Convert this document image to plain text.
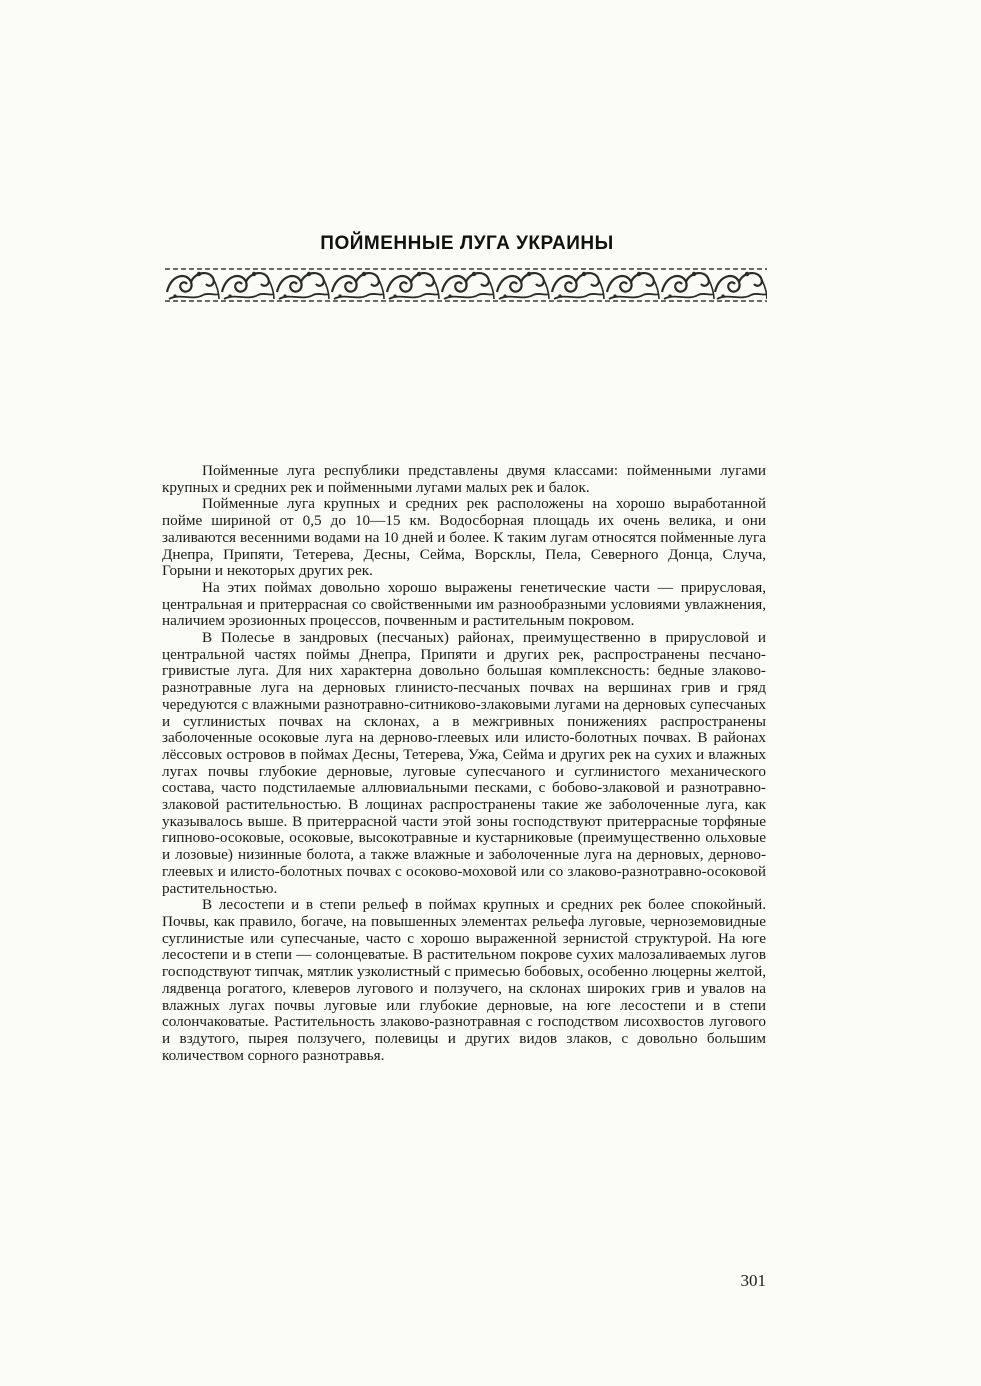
ПОЙМЕННЫЕ ЛУГА УКРАИНЫ

Пойменные луга республики представлены двумя классами: пойменными лугами крупных и средних рек и пойменными лугами малых рек и балок.

Пойменные луга крупных и средних рек расположены на хорошо выработанной пойме шириной от 0,5 до 10—15 км. Водосборная площадь их очень велика, и они заливаются весенними водами на 10 дней и более. К таким лугам относятся пойменные луга Днепра, Припяти, Тетерева, Десны, Сейма, Ворсклы, Пела, Северного Донца, Случа, Горыни и некоторых других рек.

На этих поймах довольно хорошо выражены генетические части — прирусловая, центральная и притеррасная со свойственными им разнообразными условиями увлажнения, наличием эрозионных процессов, почвенным и растительным покровом.

В Полесье в зандровых (песчаных) районах, преимущественно в прирусловой и центральной частях поймы Днепра, Припяти и других рек, распространены песчано-гривистые луга. Для них характерна довольно большая комплексность: бедные злаково-разнотравные луга на дерновых глинисто-песчаных почвах на вершинах грив и гряд чередуются с влажными разнотравно-ситниково-злаковыми лугами на дерновых супесчаных и суглинистых почвах на склонах, а в межгривных понижениях распространены заболоченные осоковые луга на дерново-глеевых или илисто-болотных почвах. В районах лёссовых островов в поймах Десны, Тетерева, Ужа, Сейма и других рек на сухих и влажных лугах почвы глубокие дерновые, луговые супесчаного и суглинистого механического состава, часто подстилаемые аллювиальными песками, с бобово-злаковой и разнотравно-злаковой растительностью. В лощинах распространены такие же заболоченные луга, как указывалось выше. В притеррасной части этой зоны господствуют притеррасные торфяные гипново-осоковые, осоковые, высокотравные и кустарниковые (преимущественно ольховые и лозовые) низинные болота, а также влажные и заболоченные луга на дерновых, дерново-глеевых и илисто-болотных почвах с осоково-моховой или со злаково-разнотравно-осоковой растительностью.

В лесостепи и в степи рельеф в поймах крупных и средних рек более спокойный. Почвы, как правило, богаче, на повышенных элементах рельефа луговые, черноземовидные суглинистые или супесчаные, часто с хорошо выраженной зернистой структурой. На юге лесостепи и в степи — солонцеватые. В растительном покрове сухих малозаливаемых лугов господствуют типчак, мятлик узколистный с примесью бобовых, особенно люцерны желтой, лядвенца рогатого, клеверов лугового и ползучего, на склонах широких грив и увалов на влажных лугах почвы луговые или глубокие дерновые, на юге лесостепи и в степи солончаковатые. Растительность злаково-разнотравная с господством лисохвостов лугового и вздутого, пырея ползучего, полевицы и других видов злаков, с довольно большим количеством сорного разнотравья.

301
